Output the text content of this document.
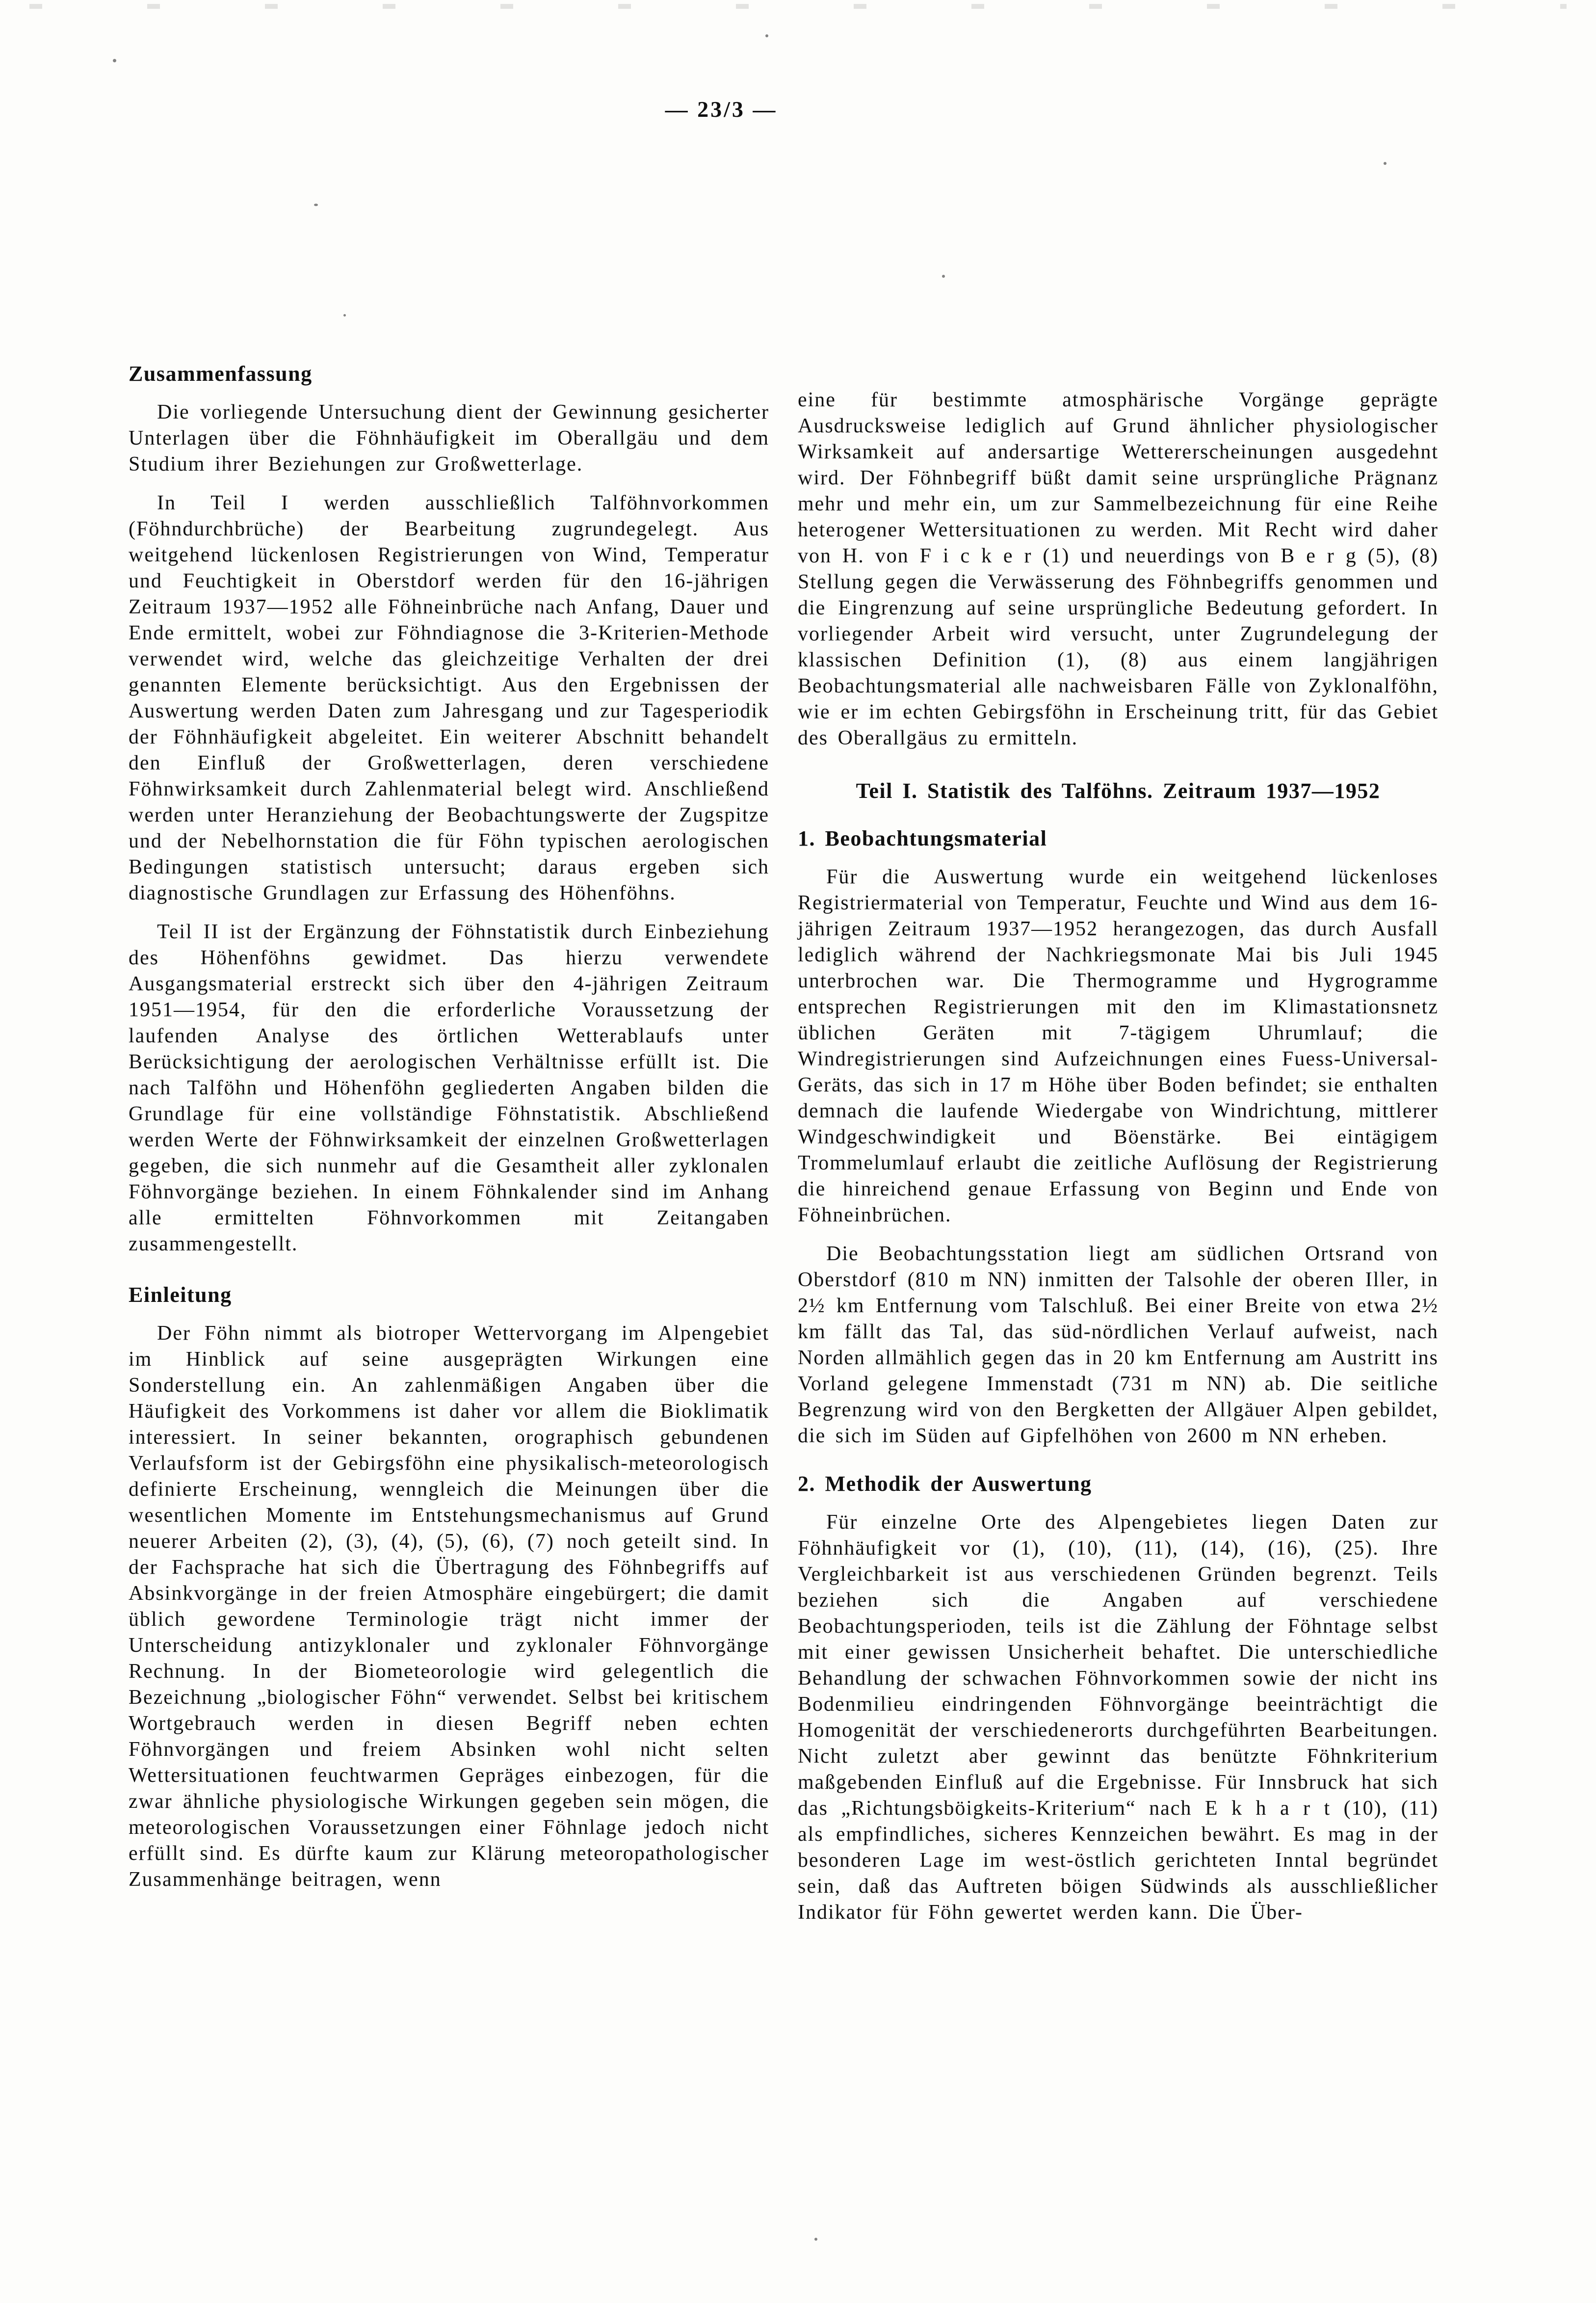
— 23/3 —
Zusammenfassung

Die vorliegende Untersuchung dient der Gewinnung gesicherter Unterlagen über die Föhnhäufigkeit im Oberallgäu und dem Studium ihrer Beziehungen zur Großwetterlage.

In Teil I werden ausschließlich Talföhnvorkommen (Föhndurchbrüche) der Bearbeitung zugrundegelegt. Aus weitgehend lückenlosen Registrierungen von Wind, Temperatur und Feuchtigkeit in Oberstdorf werden für den 16-jährigen Zeitraum 1937—1952 alle Föhneinbrüche nach Anfang, Dauer und Ende ermittelt, wobei zur Föhndiagnose die 3-Kriterien-Methode verwendet wird, welche das gleichzeitige Verhalten der drei genannten Elemente berücksichtigt. Aus den Ergebnissen der Auswertung werden Daten zum Jahresgang und zur Tagesperiodik der Föhnhäufigkeit abgeleitet. Ein weiterer Abschnitt behandelt den Einfluß der Großwetterlagen, deren verschiedene Föhnwirksamkeit durch Zahlenmaterial belegt wird. Anschließend werden unter Heranziehung der Beobachtungswerte der Zugspitze und der Nebelhornstation die für Föhn typischen aerologischen Bedingungen statistisch untersucht; daraus ergeben sich diagnostische Grundlagen zur Erfassung des Höhenföhns.

Teil II ist der Ergänzung der Föhnstatistik durch Einbeziehung des Höhenföhns gewidmet. Das hierzu verwendete Ausgangsmaterial erstreckt sich über den 4-jährigen Zeitraum 1951—1954, für den die erforderliche Voraussetzung der laufenden Analyse des örtlichen Wetterablaufs unter Berücksichtigung der aerologischen Verhältnisse erfüllt ist. Die nach Talföhn und Höhenföhn gegliederten Angaben bilden die Grundlage für eine vollständige Föhnstatistik. Abschließend werden Werte der Föhnwirksamkeit der einzelnen Großwetterlagen gegeben, die sich nunmehr auf die Gesamtheit aller zyklonalen Föhnvorgänge beziehen. In einem Föhnkalender sind im Anhang alle ermittelten Föhnvorkommen mit Zeitangaben zusammengestellt.

Einleitung

Der Föhn nimmt als biotroper Wettervorgang im Alpengebiet im Hinblick auf seine ausgeprägten Wirkungen eine Sonderstellung ein. An zahlenmäßigen Angaben über die Häufigkeit des Vorkommens ist daher vor allem die Bioklimatik interessiert. In seiner bekannten, orographisch gebundenen Verlaufsform ist der Gebirgsföhn eine physikalisch-meteorologisch definierte Erscheinung, wenngleich die Meinungen über die wesentlichen Momente im Entstehungsmechanismus auf Grund neuerer Arbeiten (2), (3), (4), (5), (6), (7) noch geteilt sind. In der Fachsprache hat sich die Übertragung des Föhnbegriffs auf Absinkvorgänge in der freien Atmosphäre eingebürgert; die damit üblich gewordene Terminologie trägt nicht immer der Unterscheidung antizyklonaler und zyklonaler Föhnvorgänge Rechnung. In der Biometeorologie wird gelegentlich die Bezeichnung „biologischer Föhn“ verwendet. Selbst bei kritischem Wortgebrauch werden in diesen Begriff neben echten Föhnvorgängen und freiem Absinken wohl nicht selten Wettersituationen feuchtwarmen Gepräges einbezogen, für die zwar ähnliche physiologische Wirkungen gegeben sein mögen, die meteorologischen Voraussetzungen einer Föhnlage jedoch nicht erfüllt sind. Es dürfte kaum zur Klärung meteoropathologischer Zusammenhänge beitragen, wenn

eine für bestimmte atmosphärische Vorgänge geprägte Ausdrucksweise lediglich auf Grund ähnlicher physiologischer Wirksamkeit auf andersartige Wettererscheinungen ausgedehnt wird. Der Föhnbegriff büßt damit seine ursprüngliche Prägnanz mehr und mehr ein, um zur Sammelbezeichnung für eine Reihe heterogener Wettersituationen zu werden. Mit Recht wird daher von H. von F i c k e r (1) und neuerdings von B e r g (5), (8) Stellung gegen die Verwässerung des Föhnbegriffs genommen und die Eingrenzung auf seine ursprüngliche Bedeutung gefordert. In vorliegender Arbeit wird versucht, unter Zugrundelegung der klassischen Definition (1), (8) aus einem langjährigen Beobachtungsmaterial alle nachweisbaren Fälle von Zyklonalföhn, wie er im echten Gebirgsföhn in Erscheinung tritt, für das Gebiet des Oberallgäus zu ermitteln.

Teil I. Statistik des Talföhns. Zeitraum 1937—1952
1. Beobachtungsmaterial

Für die Auswertung wurde ein weitgehend lückenloses Registriermaterial von Temperatur, Feuchte und Wind aus dem 16-jährigen Zeitraum 1937—1952 herangezogen, das durch Ausfall lediglich während der Nachkriegsmonate Mai bis Juli 1945 unterbrochen war. Die Thermogramme und Hygrogramme entsprechen Registrierungen mit den im Klimastationsnetz üblichen Geräten mit 7-tägigem Uhrumlauf; die Windregistrierungen sind Aufzeichnungen eines Fuess-Universal-Geräts, das sich in 17 m Höhe über Boden befindet; sie enthalten demnach die laufende Wiedergabe von Windrichtung, mittlerer Windgeschwindigkeit und Böenstärke. Bei eintägigem Trommelumlauf erlaubt die zeitliche Auflösung der Registrierung die hinreichend genaue Erfassung von Beginn und Ende von Föhneinbrüchen.

Die Beobachtungsstation liegt am südlichen Ortsrand von Oberstdorf (810 m NN) inmitten der Talsohle der oberen Iller, in 2½ km Entfernung vom Talschluß. Bei einer Breite von etwa 2½ km fällt das Tal, das süd-nördlichen Verlauf aufweist, nach Norden allmählich gegen das in 20 km Entfernung am Austritt ins Vorland gelegene Immenstadt (731 m NN) ab. Die seitliche Begrenzung wird von den Bergketten der Allgäuer Alpen gebildet, die sich im Süden auf Gipfelhöhen von 2600 m NN erheben.

2. Methodik der Auswertung

Für einzelne Orte des Alpengebietes liegen Daten zur Föhnhäufigkeit vor (1), (10), (11), (14), (16), (25). Ihre Vergleichbarkeit ist aus verschiedenen Gründen begrenzt. Teils beziehen sich die Angaben auf verschiedene Beobachtungsperioden, teils ist die Zählung der Föhntage selbst mit einer gewissen Unsicherheit behaftet. Die unterschiedliche Behandlung der schwachen Föhnvorkommen sowie der nicht ins Bodenmilieu eindringenden Föhnvorgänge beeinträchtigt die Homogenität der verschiedenerorts durchgeführten Bearbeitungen. Nicht zuletzt aber gewinnt das benützte Föhnkriterium maßgebenden Einfluß auf die Ergebnisse. Für Innsbruck hat sich das „Richtungsböigkeits-Kriterium“ nach E k h a r t (10), (11) als empfindliches, sicheres Kennzeichen bewährt. Es mag in der besonderen Lage im west-östlich gerichteten Inntal begründet sein, daß das Auftreten böigen Südwinds als ausschließlicher Indikator für Föhn gewertet werden kann. Die Über-
